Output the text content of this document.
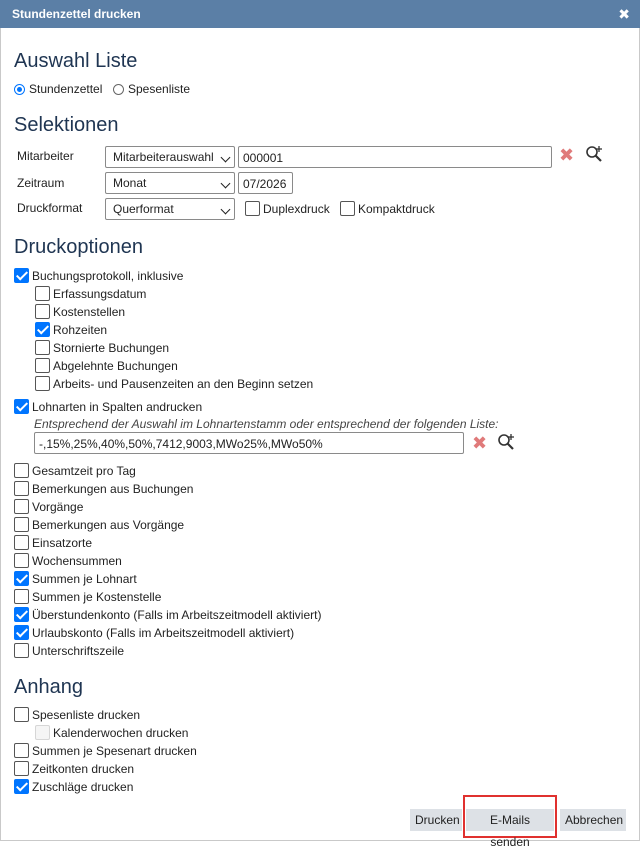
Stundenzettel drucken	✖
Auswahl Liste
Stundenzettel Spesenliste
Selektionen
Mitarbeiter	Mitarbeiterauswahl	000001	✖
Zeitraum	Monat	07/2026
Druckformat	Querformat	Duplexdruck Kompaktdruck
Druckoptionen
Buchungsprotokoll, inklusive
Erfassungsdatum
Kostenstellen
Rohzeiten
Stornierte Buchungen
Abgelehnte Buchungen
Arbeits- und Pausenzeiten an den Beginn setzen
Lohnarten in Spalten andrucken
Entsprechend der Auswahl im Lohnartenstamm oder entsprechend der folgenden Liste:
-,15%,25%,40%,50%,7412,9003,MWo25%,MWo50%	✖
Gesamtzeit pro Tag
Bemerkungen aus Buchungen
Vorgänge
Bemerkungen aus Vorgänge
Einsatzorte
Wochensummen
Summen je Lohnart
Summen je Kostenstelle
Überstundenkonto (Falls im Arbeitszeitmodell aktiviert)
Urlaubskonto (Falls im Arbeitszeitmodell aktiviert)
Unterschriftszeile
Anhang
Spesenliste drucken
Kalenderwochen drucken
Summen je Spesenart drucken
Zeitkonten drucken
Zuschläge drucken
Drucken	E-Mails senden
Abbrechen
